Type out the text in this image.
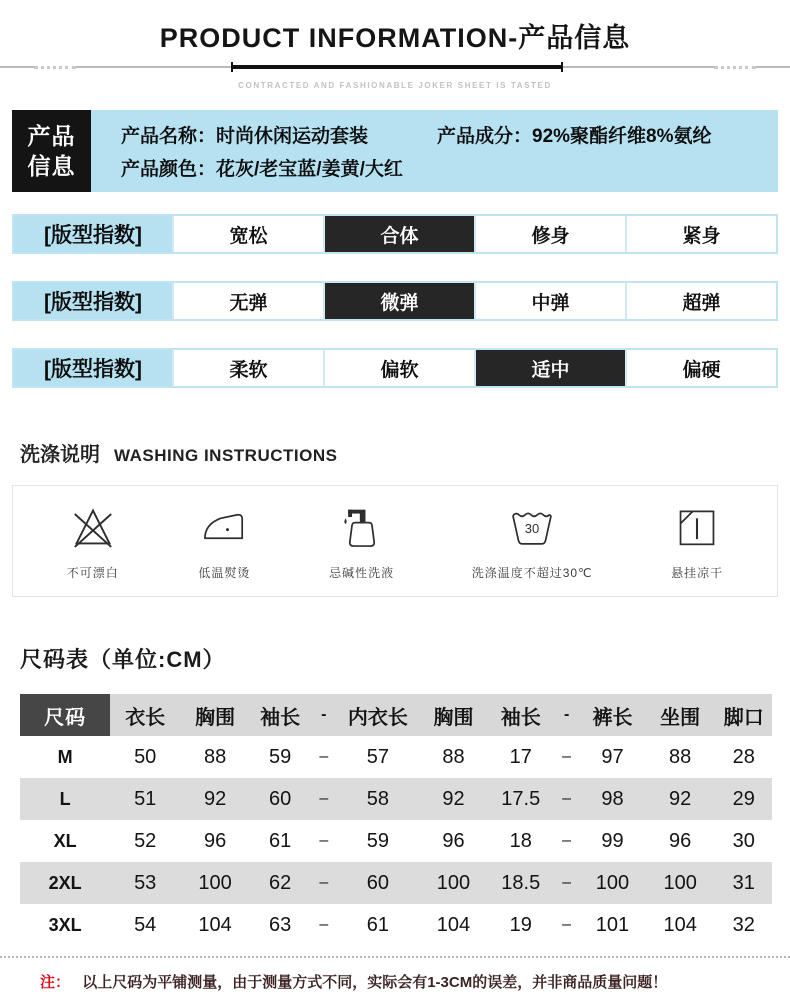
PRODUCT INFORMATION-产品信息
CONTRACTED AND FASHIONABLE JOKER SHEET IS TASTED
产品
信息
产品名称：时尚休闲运动套装	产品成分：92%聚酯纤维8%氨纶
产品颜色：花灰/老宝蓝/姜黄/大红
[版型指数]	宽松	合体	修身	紧身
[版型指数]	无弹	微弹	中弹	超弹
[版型指数]	柔软	偏软	适中	偏硬
洗涤说明 WASHING INSTRUCTIONS
不可漂白	低温熨烫	忌碱性洗液
30
洗涤温度不超过30℃	悬挂凉干
尺码表（单位:CM）
尺码	衣长	胸围	袖长	-	内衣长	胸围	袖长	-	裤长	坐围	脚口
M	50	88	59	–	57	88	17	–	97	88	28
L	51	92	60	–	58	92	17.5	–	98	92	29
XL	52	96	61	–	59	96	18	–	99	96	30
2XL	53	100	62	–	60	100	18.5	–	100	100	31
3XL	54	104	63	–	61	104	19	–	101	104	32
注： 以上尺码为平铺测量，由于测量方式不同，实际会有1-3CM的误差，并非商品质量问题！
